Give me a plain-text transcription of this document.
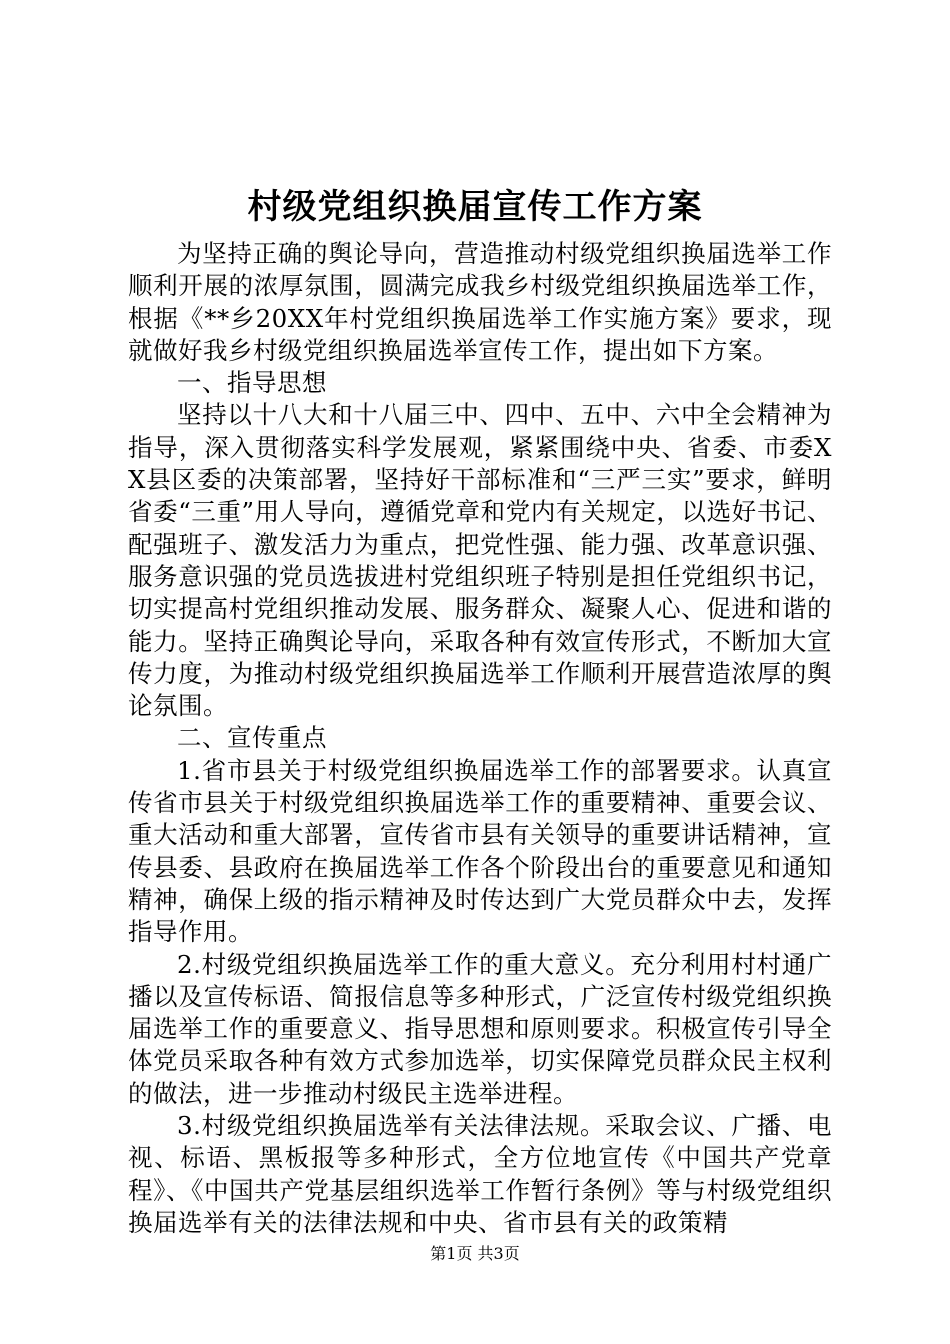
村级党组织换届宣传工作方案

为坚持正确的舆论导向，营造推动村级党组织换届选举工作顺利开展的浓厚氛围，圆满完成我乡村级党组织换届选举工作，根据《**乡20XX年村党组织换届选举工作实施方案》要求，现就做好我乡村级党组织换届选举宣传工作，提出如下方案。

一、指导思想

坚持以十八大和十八届三中、四中、五中、六中全会精神为指导，深入贯彻落实科学发展观，紧紧围绕中央、省委、市委XX县区委的决策部署，坚持好干部标准和“三严三实”要求，鲜明省委“三重”用人导向，遵循党章和党内有关规定，以选好书记、配强班子、激发活力为重点，把党性强、能力强、改革意识强、服务意识强的党员选拔进村党组织班子特别是担任党组织书记，切实提高村党组织推动发展、服务群众、凝聚人心、促进和谐的能力。坚持正确舆论导向，采取各种有效宣传形式，不断加大宣传力度，为推动村级党组织换届选举工作顺利开展营造浓厚的舆论氛围。

二、宣传重点

1.省市县关于村级党组织换届选举工作的部署要求。认真宣传省市县关于村级党组织换届选举工作的重要精神、重要会议、重大活动和重大部署，宣传省市县有关领导的重要讲话精神，宣传县委、县政府在换届选举工作各个阶段出台的重要意见和通知精神，确保上级的指示精神及时传达到广大党员群众中去，发挥指导作用。

2.村级党组织换届选举工作的重大意义。充分利用村村通广播以及宣传标语、简报信息等多种形式，广泛宣传村级党组织换届选举工作的重要意义、指导思想和原则要求。积极宣传引导全体党员采取各种有效方式参加选举，切实保障党员群众民主权利的做法，进一步推动村级民主选举进程。

3.村级党组织换届选举有关法律法规。采取会议、广播、电视、标语、黑板报等多种形式，全方位地宣传《中国共产党章程》、《中国共产党基层组织选举工作暂行条例》等与村级党组织换届选举有关的法律法规和中央、省市县有关的政策精

第1页 共3页
